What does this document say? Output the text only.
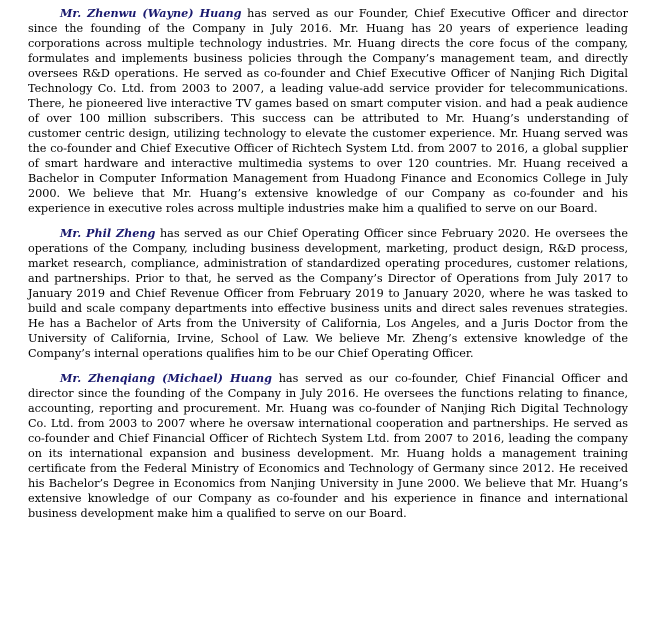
Mr. Zhenwu (Wayne) Huang has served as our Founder, Chief Executive Officer and director since the founding of the Company in July 2016. Mr. Huang has 20 years of experience leading corporations across multiple technology industries. Mr. Huang directs the core focus of the company, formulates and implements business policies through the Company’s management team, and directly oversees R&D operations. He served as co-founder and Chief Executive Officer of Nanjing Rich Digital Technology Co. Ltd. from 2003 to 2007, a leading value-add service provider for telecommunications. There, he pioneered live interactive TV games based on smart computer vision. and had a peak audience of over 100 million subscribers. This success can be attributed to Mr. Huang’s understanding of customer centric design, utilizing technology to elevate the customer experience. Mr. Huang served was the co-founder and Chief Executive Officer of Richtech System Ltd. from 2007 to 2016, a global supplier of smart hardware and interactive multimedia systems to over 120 countries. Mr. Huang received a Bachelor in Computer Information Management from Huadong Finance and Economics College in July 2000. We believe that Mr. Huang’s extensive knowledge of our Company as co-founder and his experience in executive roles across multiple industries make him a qualified to serve on our Board.

Mr. Phil Zheng has served as our Chief Operating Officer since February 2020. He oversees the operations of the Company, including business development, marketing, product design, R&D process, market research, compliance, administration of standardized operating procedures, customer relations, and partnerships. Prior to that, he served as the Company’s Director of Operations from July 2017 to January 2019 and Chief Revenue Officer from February 2019 to January 2020, where he was tasked to build and scale company departments into effective business units and direct sales revenues strategies. He has a Bachelor of Arts from the University of California, Los Angeles, and a Juris Doctor from the University of California, Irvine, School of Law. We believe Mr. Zheng’s extensive knowledge of the Company’s internal operations qualifies him to be our Chief Operating Officer.

Mr. Zhenqiang (Michael) Huang has served as our co-founder, Chief Financial Officer and director since the founding of the Company in July 2016. He oversees the functions relating to finance, accounting, reporting and procurement. Mr. Huang was co-founder of Nanjing Rich Digital Technology Co. Ltd. from 2003 to 2007 where he oversaw international cooperation and partnerships. He served as co-founder and Chief Financial Officer of Richtech System Ltd. from 2007 to 2016, leading the company on its international expansion and business development. Mr. Huang holds a management training certificate from the Federal Ministry of Economics and Technology of Germany since 2012. He received his Bachelor’s Degree in Economics from Nanjing University in June 2000. We believe that Mr. Huang’s extensive knowledge of our Company as co-founder and his experience in finance and international business development make him a qualified to serve on our Board.
